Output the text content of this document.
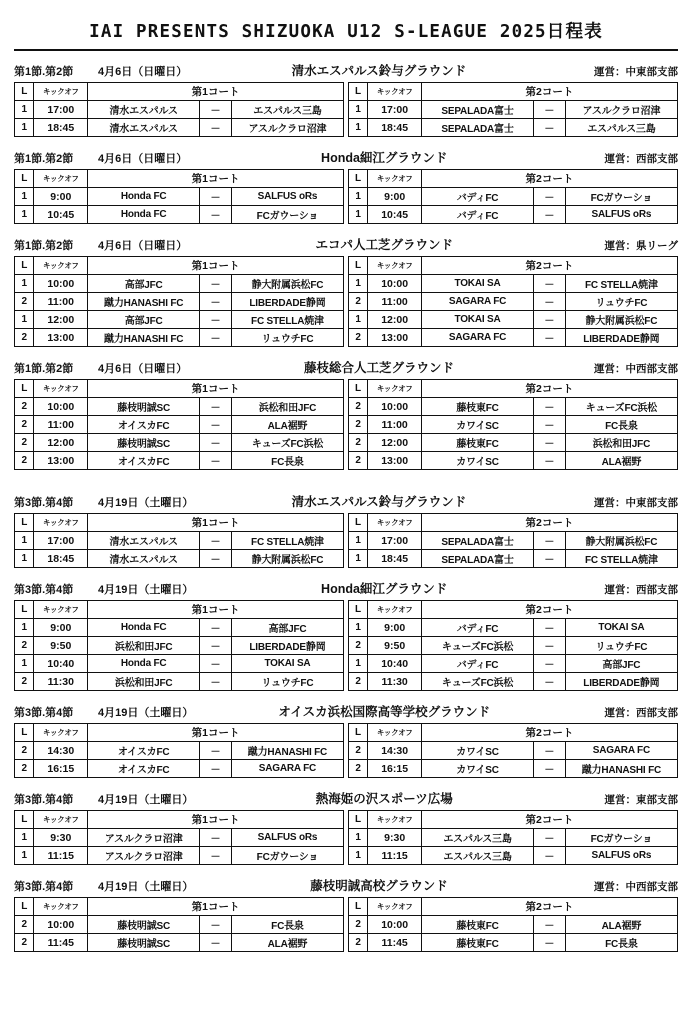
IAI PRESENTS SHIZUOKA U12 S-LEAGUE 2025日程表
第1節.第2節	4月6日（日曜日）	清水エスパルス鈴与グラウンド	運営：中東部支部
L	キックオフ	第1コート				L	キックオフ	第2コート		
1	17:00	清水エスパルス	－	エスパルス三島		1	17:00	SEPALADA富士	－	アスルクラロ沼津
1	18:45	清水エスパルス	－	アスルクラロ沼津		1	18:45	SEPALADA富士	－	エスパルス三島
第1節.第2節	4月6日（日曜日）	Honda細江グラウンド	運営：西部支部
L	キックオフ	第1コート				L	キックオフ	第2コート		
1	9:00	Honda FC	－	SALFUS oRs		1	9:00	バディFC	－	FCガウーショ
1	10:45	Honda FC	－	FCガウーショ		1	10:45	バディFC	－	SALFUS oRs
第1節.第2節	4月6日（日曜日）	エコパ人工芝グラウンド	運営：県リーグ
L	キックオフ	第1コート				L	キックオフ	第2コート		
1	10:00	高部JFC	－	静大附属浜松FC		1	10:00	TOKAI SA	－	FC STELLA焼津
2	11:00	蹴力HANASHI FC	－	LIBERDADE静岡		2	11:00	SAGARA FC	－	リュウチFC
1	12:00	高部JFC	－	FC STELLA焼津		1	12:00	TOKAI SA	－	静大附属浜松FC
2	13:00	蹴力HANASHI FC	－	リュウチFC		2	13:00	SAGARA FC	－	LIBERDADE静岡
第1節.第2節	4月6日（日曜日）	藤枝総合人工芝グラウンド	運営：中西部支部
L	キックオフ	第1コート				L	キックオフ	第2コート		
2	10:00	藤枝明誠SC	－	浜松和田JFC		2	10:00	藤枝東FC	－	キューズFC浜松
2	11:00	オイスカFC	－	ALA裾野		2	11:00	カワイSC	－	FC長泉
2	12:00	藤枝明誠SC	－	キューズFC浜松		2	12:00	藤枝東FC	－	浜松和田JFC
2	13:00	オイスカFC	－	FC長泉		2	13:00	カワイSC	－	ALA裾野
第3節.第4節	4月19日（土曜日）	清水エスパルス鈴与グラウンド	運営：中東部支部
L	キックオフ	第1コート				L	キックオフ	第2コート		
1	17:00	清水エスパルス	－	FC STELLA焼津		1	17:00	SEPALADA富士	－	静大附属浜松FC
1	18:45	清水エスパルス	－	静大附属浜松FC		1	18:45	SEPALADA富士	－	FC STELLA焼津
第3節.第4節	4月19日（土曜日）	Honda細江グラウンド	運営：西部支部
L	キックオフ	第1コート				L	キックオフ	第2コート		
1	9:00	Honda FC	－	高部JFC		1	9:00	バディFC	－	TOKAI SA
2	9:50	浜松和田JFC	－	LIBERDADE静岡		2	9:50	キューズFC浜松	－	リュウチFC
1	10:40	Honda FC	－	TOKAI SA		1	10:40	バディFC	－	高部JFC
2	11:30	浜松和田JFC	－	リュウチFC		2	11:30	キューズFC浜松	－	LIBERDADE静岡
第3節.第4節	4月19日（土曜日）	オイスカ浜松国際高等学校グラウンド	運営：西部支部
L	キックオフ	第1コート				L	キックオフ	第2コート		
2	14:30	オイスカFC	－	蹴力HANASHI FC		2	14:30	カワイSC	－	SAGARA FC
2	16:15	オイスカFC	－	SAGARA FC		2	16:15	カワイSC	－	蹴力HANASHI FC
第3節.第4節	4月19日（土曜日）	熱海姫の沢スポーツ広場	運営：東部支部
L	キックオフ	第1コート				L	キックオフ	第2コート		
1	9:30	アスルクラロ沼津	－	SALFUS oRs		1	9:30	エスパルス三島	－	FCガウーショ
1	11:15	アスルクラロ沼津	－	FCガウーショ		1	11:15	エスパルス三島	－	SALFUS oRs
第3節.第4節	4月19日（土曜日）	藤枝明誠高校グラウンド	運営：中西部支部
L	キックオフ	第1コート				L	キックオフ	第2コート		
2	10:00	藤枝明誠SC	－	FC長泉		2	10:00	藤枝東FC	－	ALA裾野
2	11:45	藤枝明誠SC	－	ALA裾野		2	11:45	藤枝東FC	－	FC長泉
